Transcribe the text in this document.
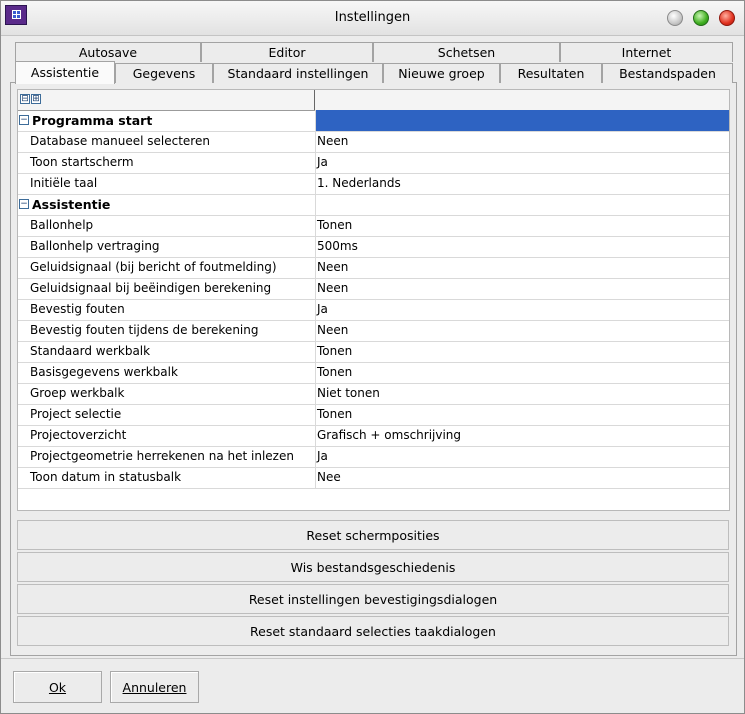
Instellingen
Autosave	Editor	Schetsen	Internet
Assistentie	Gegevens	Standaard instellingen	Nieuwe groep	Resultaten	Bestandspaden
⊟ ⊞
− Programma start
Database manueel selecteren	Neen
Toon startscherm	Ja
Initiële taal	1. Nederlands
− Assistentie
Ballonhelp	Tonen
Ballonhelp vertraging	500ms
Geluidsignaal (bij bericht of foutmelding)	Neen
Geluidsignaal bij beëindigen berekening	Neen
Bevestig fouten	Ja
Bevestig fouten tijdens de berekening	Neen
Standaard werkbalk	Tonen
Basisgegevens werkbalk	Tonen
Groep werkbalk	Niet tonen
Project selectie	Tonen
Projectoverzicht	Grafisch + omschrijving
Projectgeometrie herrekenen na het inlezen Ja
Toon datum in statusbalk	Nee
Reset schermposities
Wis bestandsgeschiedenis
Reset instellingen bevestigingsdialogen
Reset standaard selecties taakdialogen
Ok	Annuleren
